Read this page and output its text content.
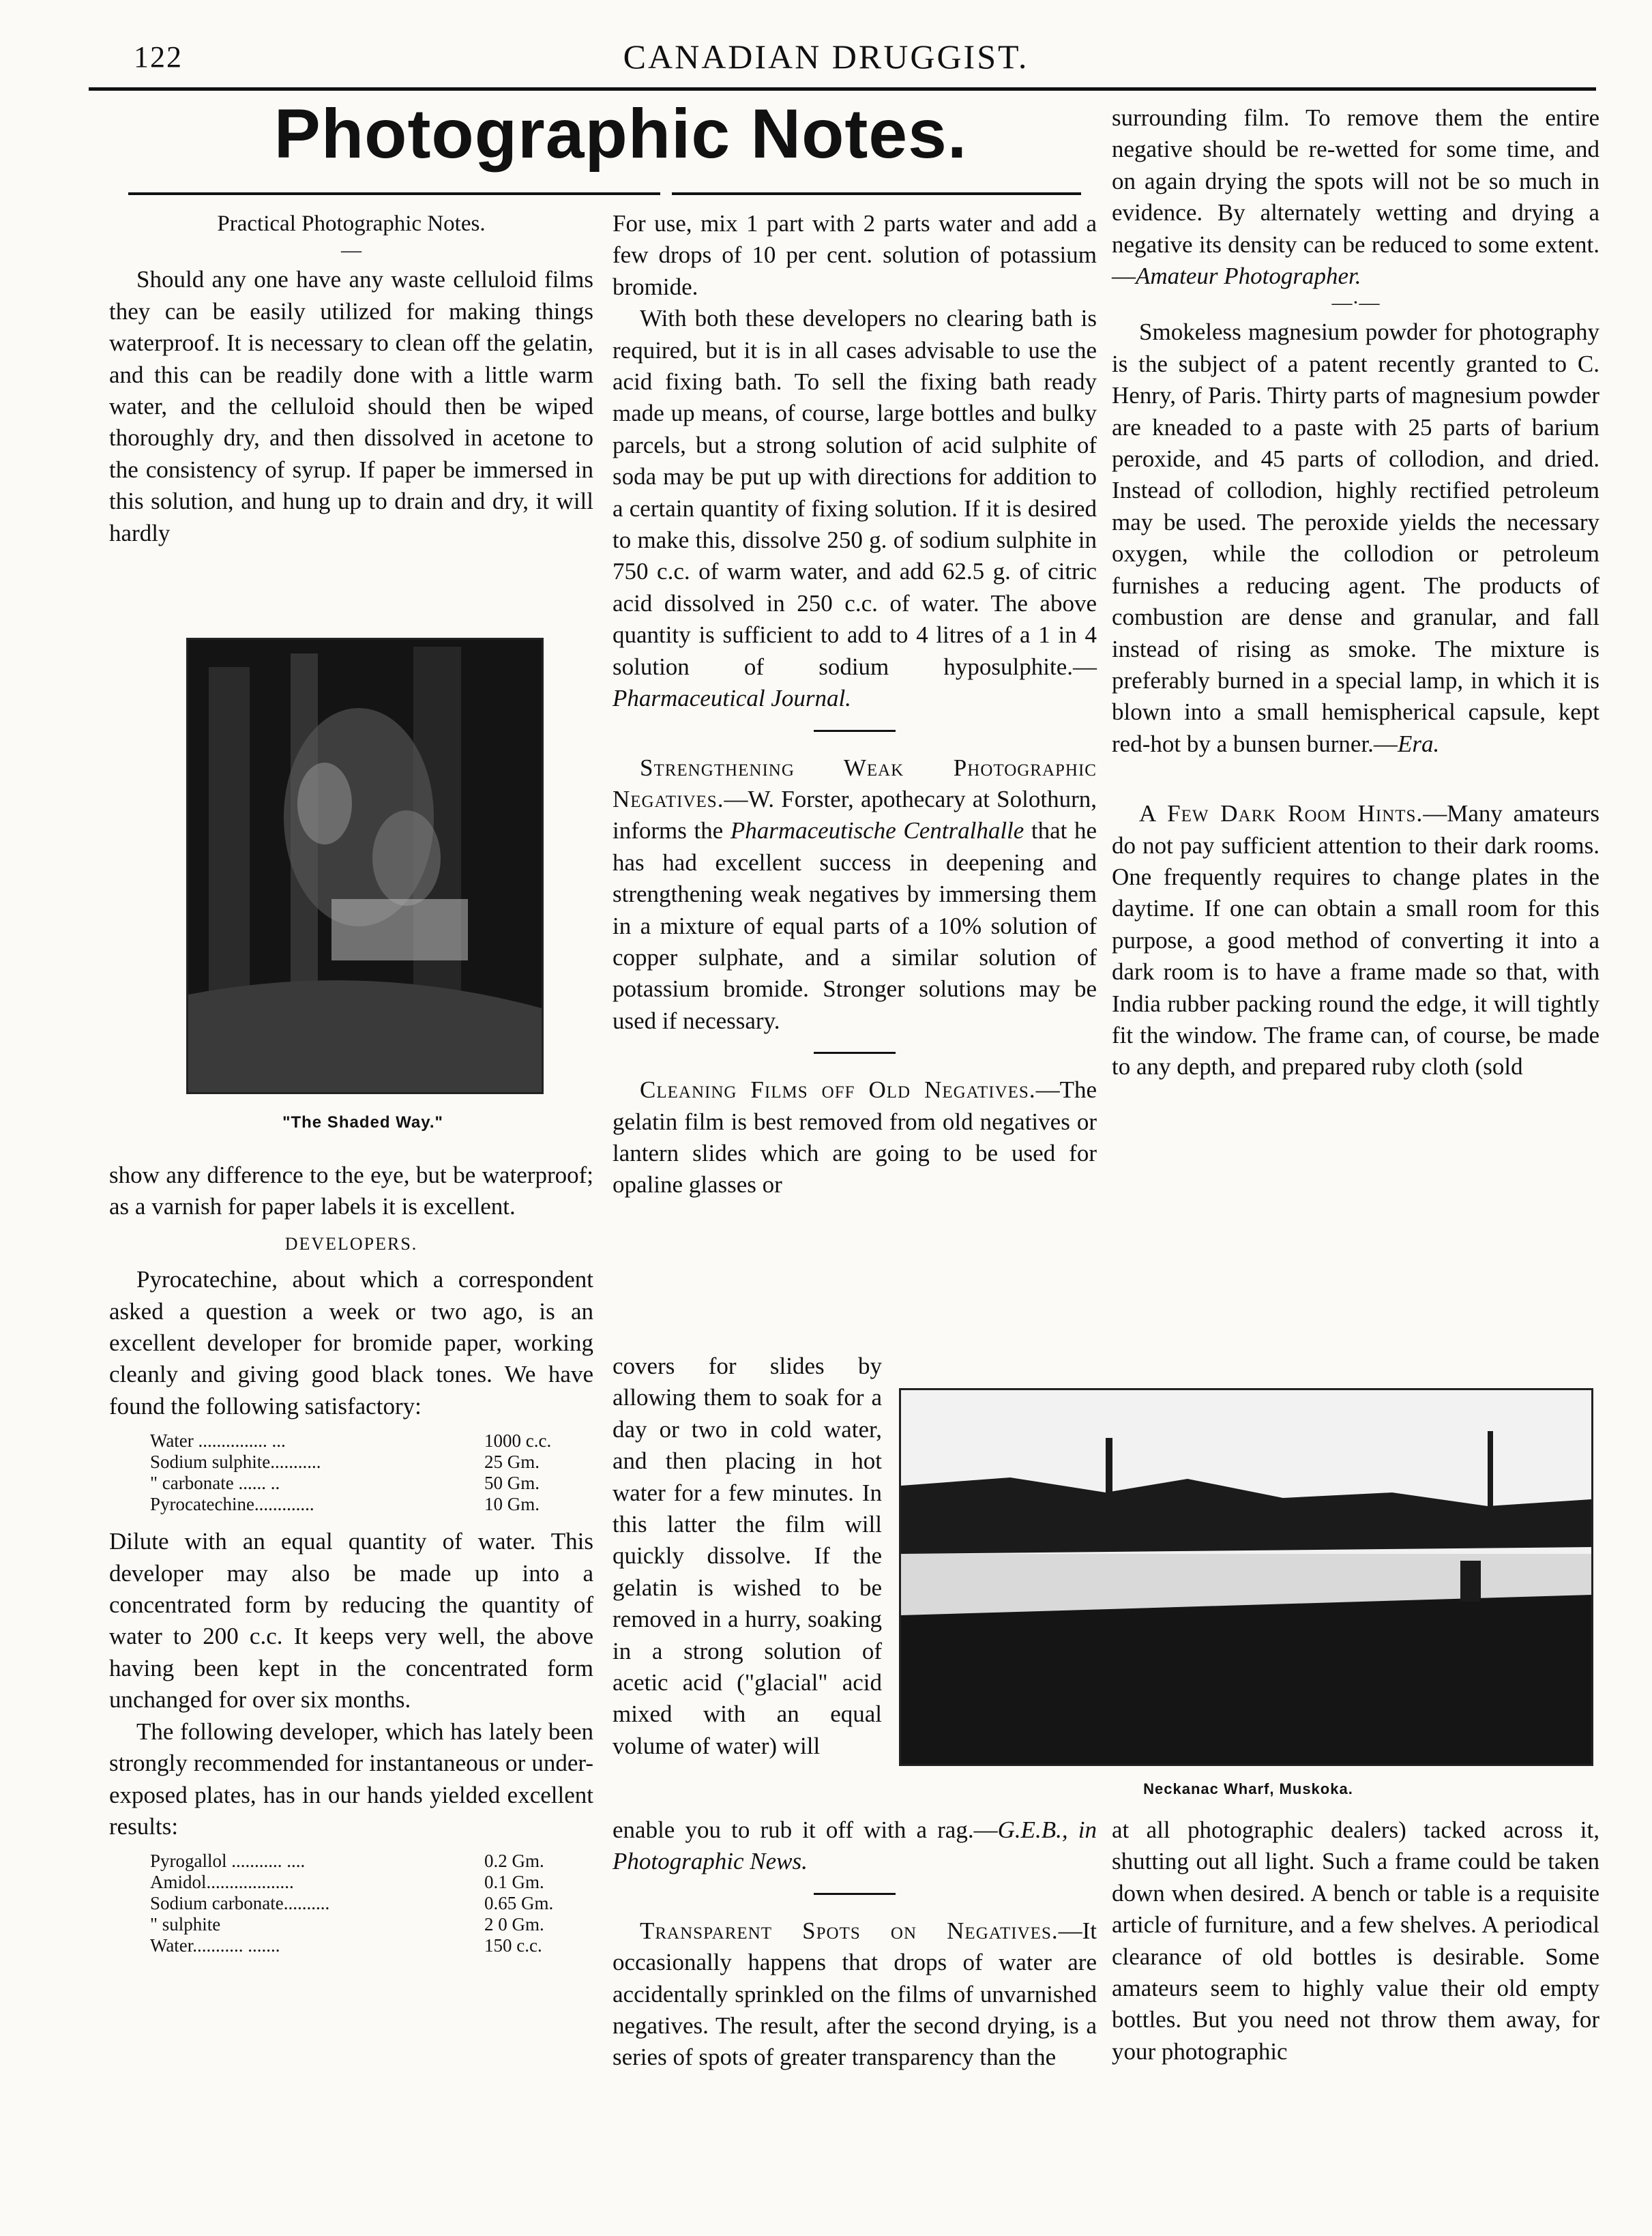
122	CANADIAN DRUGGIST.
Photographic Notes.
Practical Photographic Notes.
—

Should any one have any waste celluloid films they can be easily utilized for making things waterproof. It is necessary to clean off the gelatin, and this can be readily done with a little warm water, and the celluloid should then be wiped thoroughly dry, and then dissolved in acetone to the consistency of syrup. If paper be immersed in this solution, and hung up to drain and dry, it will hardly

"The Shaded Way."

show any difference to the eye, but be waterproof; as a varnish for paper labels it is excellent.

DEVELOPERS.

Pyrocatechine, about which a correspondent asked a question a week or two ago, is an excellent developer for bromide paper, working cleanly and giving good black tones. We have found the following satisfactory:

Water ............... ...	1000 c.c.
Sodium sulphite...........	25 Gm.
" carbonate ...... ..	50 Gm.
Pyrocatechine.............	10 Gm.

Dilute with an equal quantity of water. This developer may also be made up into a concentrated form by reducing the quantity of water to 200 c.c. It keeps very well, the above having been kept in the concentrated form unchanged for over six months.

The following developer, which has lately been strongly recommended for instantaneous or under-exposed plates, has in our hands yielded excellent results:

Pyrogallol ........... ....	0.2 Gm.
Amidol...................	0.1 Gm.
Sodium carbonate..........	0.65 Gm.
" sulphite	2 0 Gm.
Water........... .......	150 c.c.

For use, mix 1 part with 2 parts water and add a few drops of 10 per cent. solution of potassium bromide.

With both these developers no clearing bath is required, but it is in all cases advisable to use the acid fixing bath. To sell the fixing bath ready made up means, of course, large bottles and bulky parcels, but a strong solution of acid sulphite of soda may be put up with directions for addition to a certain quantity of fixing solution. If it is desired to make this, dissolve 250 g. of sodium sulphite in 750 c.c. of warm water, and add 62.5 g. of citric acid dissolved in 250 c.c. of water. The above quantity is sufficient to add to 4 litres of a 1 in 4 solution of sodium hyposulphite.—Pharmaceutical Journal.

Strengthening Weak Photographic Negatives.—W. Forster, apothecary at Solothurn, informs the Pharmaceutische Centralhalle that he has had excellent success in deepening and strengthening weak negatives by immersing them in a mixture of equal parts of a 10% solution of copper sulphate, and a similar solution of potassium bromide. Stronger solutions may be used if necessary.

Cleaning Films off Old Negatives.—The gelatin film is best removed from old negatives or lantern slides which are going to be used for opaline glasses or

covers for slides by allowing them to soak for a day or two in cold water, and then placing in hot water for a few minutes. In this latter the film will quickly dissolve. If the gelatin is wished to be removed in a hurry, soaking in a strong solution of acetic acid ("glacial" acid mixed with an equal volume of water) will

enable you to rub it off with a rag.—G.E.B., in Photographic News.

Transparent Spots on Negatives.—It occasionally happens that drops of water are accidentally sprinkled on the films of unvarnished negatives. The result, after the second drying, is a series of spots of greater transparency than the

surrounding film. To remove them the entire negative should be re-wetted for some time, and on again drying the spots will not be so much in evidence. By alternately wetting and drying a negative its density can be reduced to some extent.—Amateur Photographer.

—·—

Smokeless magnesium powder for photography is the subject of a patent recently granted to C. Henry, of Paris. Thirty parts of magnesium powder are kneaded to a paste with 25 parts of barium peroxide, and 45 parts of collodion, and dried. Instead of collodion, highly rectified petroleum may be used. The peroxide yields the necessary oxygen, while the collodion or petroleum furnishes a reducing agent. The products of combustion are dense and granular, and fall instead of rising as smoke. The mixture is preferably burned in a special lamp, in which it is blown into a small hemispherical capsule, kept red-hot by a bunsen burner.—Era.

A Few Dark Room Hints.—Many amateurs do not pay sufficient attention to their dark rooms. One frequently requires to change plates in the daytime. If one can obtain a small room for this purpose, a good method of converting it into a dark room is to have a frame made so that, with India rubber packing round the edge, it will tightly fit the window. The frame can, of course, be made to any depth, and prepared ruby cloth (sold

Neckanac Wharf, Muskoka.

at all photographic dealers) tacked across it, shutting out all light. Such a frame could be taken down when desired. A bench or table is a requisite article of furniture, and a few shelves. A periodical clearance of old bottles is desirable. Some amateurs seem to highly value their old empty bottles. But you need not throw them away, for your photographic
